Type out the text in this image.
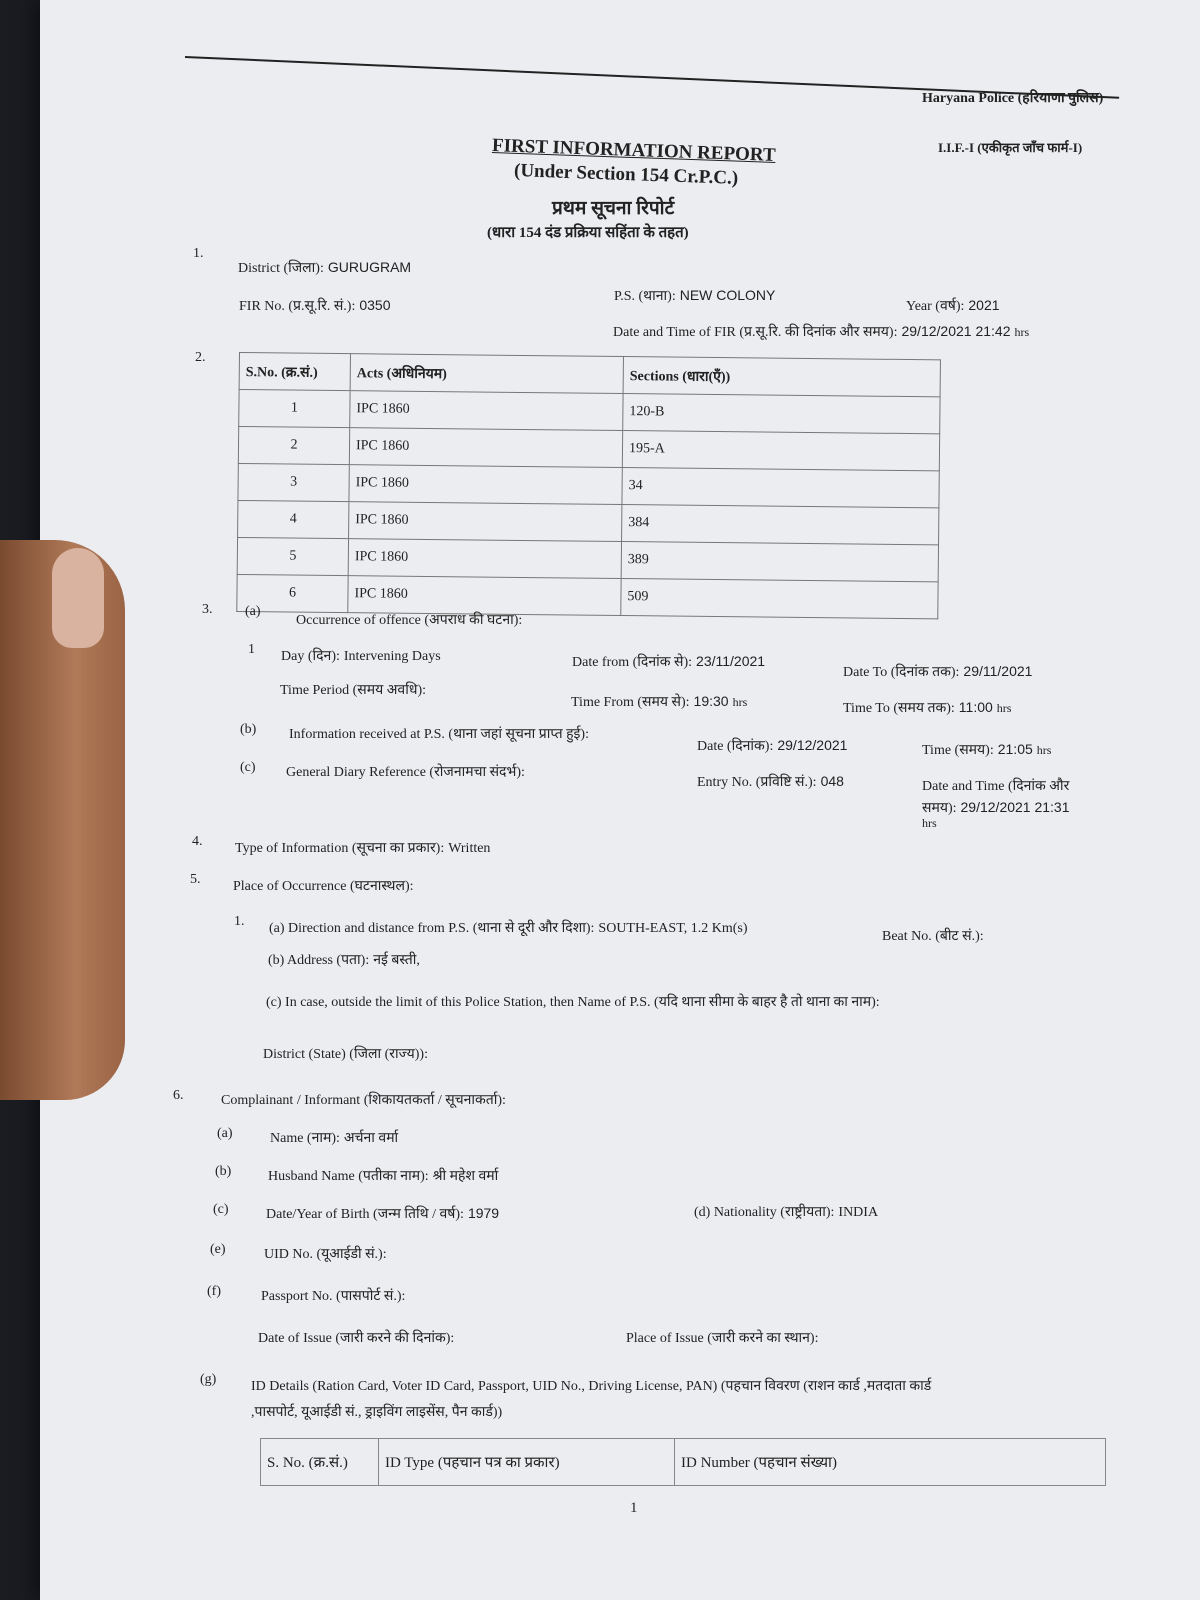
Haryana Police (हरियाणा पुलिस)
I.I.F.-I (एकीकृत जाँच फार्म-I)
FIRST INFORMATION REPORT
(Under Section 154 Cr.P.C.)
प्रथम सूचना रिपोर्ट
(धारा 154 दंड प्रक्रिया सहिंता के तहत)
1.
District (जिला): GURUGRAM
P.S. (थाना): NEW COLONY
Year (वर्ष): 2021
FIR No. (प्र.सू.रि. सं.): 0350
Date and Time of FIR (प्र.सू.रि. की दिनांक और समय): 29/12/2021 21:42 hrs
2.
S.No. (क्र.सं.)	Acts (अधिनियम)	Sections (धारा(एँ))
1	IPC 1860	120-B
2	IPC 1860	195-A
3	IPC 1860	34
4	IPC 1860	384
5	IPC 1860	389
6	IPC 1860	509
3. (a)
Occurrence of offence (अपराध की घटना):
1 Day (दिन): Intervening Days	Date from (दिनांक से): 23/11/2021
Date To (दिनांक तक): 29/11/2021
Time Period (समय अवधि):
Time From (समय से): 19:30 hrs	Time To (समय तक): 11:00 hrs
(b) Information received at P.S. (थाना जहां सूचना प्राप्त हुई):
Date (दिनांक): 29/12/2021	Time (समय): 21:05 hrs
(c) General Diary Reference (रोजनामचा संदर्भ):
Entry No. (प्रविष्टि सं.): 048	Date and Time (दिनांक और
समय): 29/12/2021 21:31
hrs
4. Type of Information (सूचना का प्रकार): Written
5. Place of Occurrence (घटनास्थल):
1. (a) Direction and distance from P.S. (थाना से दूरी और दिशा): SOUTH-EAST, 1.2 Km(s)
Beat No. (बीट सं.):
(b) Address (पता): नई बस्ती,
(c) In case, outside the limit of this Police Station, then Name of P.S. (यदि थाना सीमा के बाहर है तो थाना का नाम):
District (State) (जिला (राज्य)):
6.	Complainant / Informant (शिकायतकर्ता / सूचनाकर्ता):
(a)	Name (नाम): अर्चना वर्मा
(b)	Husband Name (पतीका नाम): श्री महेश वर्मा
(c)	Date/Year of Birth (जन्म तिथि / वर्ष): 1979	(d) Nationality (राष्ट्रीयता): INDIA
(e)	UID No. (यूआईडी सं.):
(f)	Passport No. (पासपोर्ट सं.):
Date of Issue (जारी करने की दिनांक):	Place of Issue (जारी करने का स्थान):
(g) ID Details (Ration Card, Voter ID Card, Passport, UID No., Driving License, PAN) (पहचान विवरण (राशन कार्ड ,मतदाता कार्ड
,पासपोर्ट, यूआईडी सं., ड्राइविंग लाइसेंस, पैन कार्ड))
S. No. (क्र.सं.)	ID Type (पहचान पत्र का प्रकार)	ID Number (पहचान संख्या)
1
